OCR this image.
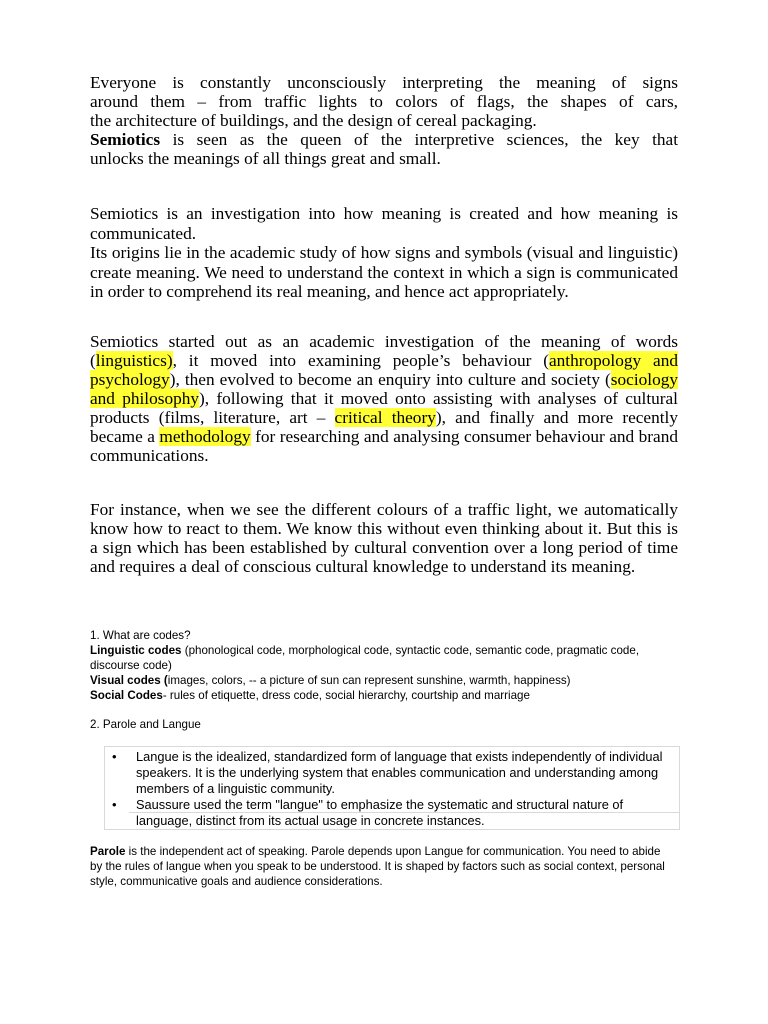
Everyone is constantly unconsciously interpreting the meaning of signs

around them – from traffic lights to colors of flags, the shapes of cars,

the architecture of buildings, and the design of cereal packaging.

Semiotics is seen as the queen of the interpretive sciences, the key that

unlocks the meanings of all things great and small.

Semiotics is an investigation into how meaning is created and how meaning is communicated.

Its origins lie in the academic study of how signs and symbols (visual and linguistic) create meaning. We need to understand the context in which a sign is communicated in order to comprehend its real meaning, and hence act appropriately.

Semiotics started out as an academic investigation of the meaning of words (linguistics), it moved into examining people’s behaviour (anthropology and psychology), then evolved to become an enquiry into culture and society (sociology and philosophy), following that it moved onto assisting with analyses of cultural products (films, literature, art – critical theory), and finally and more recently became a methodology for researching and analysing consumer behaviour and brand communications.

For instance, when we see the different colours of a traffic light, we automatically know how to react to them. We know this without even thinking about it. But this is a sign which has been established by cultural convention over a long period of time and requires a deal of conscious cultural knowledge to understand its meaning.

1. What are codes?

Linguistic codes (phonological code, morphological code, syntactic code, semantic code, pragmatic code, discourse code)

Visual codes (images, colors, -- a picture of sun can represent sunshine, warmth, happiness)

Social Codes- rules of etiquette, dress code, social hierarchy, courtship and marriage

2. Parole and Langue

• Langue is the idealized, standardized form of language that exists independently of individual speakers. It is the underlying system that enables communication and understanding among members of a linguistic community.
• Saussure used the term "langue" to emphasize the systematic and structural nature of language, distinct from its actual usage in concrete instances.

Parole is the independent act of speaking. Parole depends upon Langue for communication. You need to abide by the rules of langue when you speak to be understood. It is shaped by factors such as social context, personal style, communicative goals and audience considerations.
